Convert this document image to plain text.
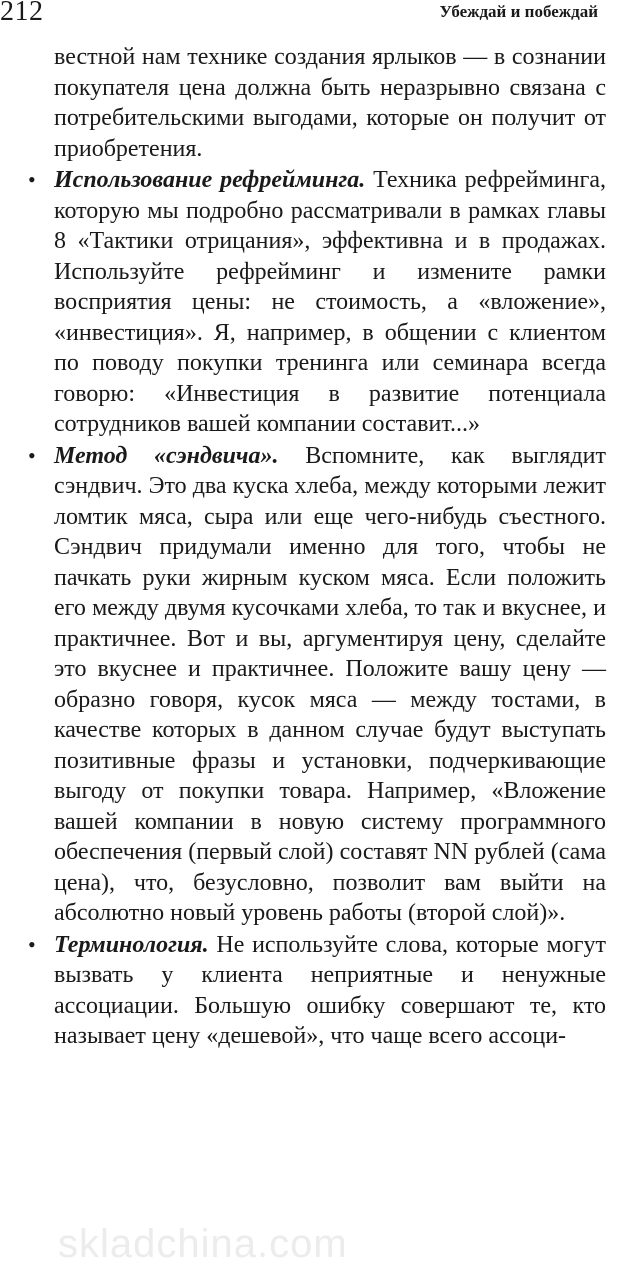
212	Убеждай и побеждай

вестной нам технике создания ярлыков — в сознании покупателя цена должна быть неразрывно связана с потребительскими выгодами, которые он получит от приобретения.

• Использование рефрейминга. Техника рефрейминга, которую мы подробно рассматривали в рамках главы 8 «Тактики отрицания», эффективна и в продажах. Используйте рефрейминг и измените рамки восприятия цены: не стоимость, а «вложение», «инвестиция». Я, например, в общении с клиентом по поводу покупки тренинга или семинара всегда говорю: «Инвестиция в развитие потенциала сотрудников вашей компании составит...»

• Метод «сэндвича». Вспомните, как выглядит сэндвич. Это два куска хлеба, между которыми лежит ломтик мяса, сыра или еще чего-нибудь съестного. Сэндвич придумали именно для того, чтобы не пачкать руки жирным куском мяса. Если положить его между двумя кусочками хлеба, то так и вкуснее, и практичнее. Вот и вы, аргументируя цену, сделайте это вкуснее и практичнее. Положите вашу цену — образно говоря, кусок мяса — между тостами, в качестве которых в данном случае будут выступать позитивные фразы и установки, подчеркивающие выгоду от покупки товара. Например, «Вложение вашей компании в новую систему программного обеспечения (первый слой) составят NN рублей (сама цена), что, безусловно, позволит вам выйти на абсолютно новый уровень работы (второй слой)».

• Терминология. Не используйте слова, которые могут вызвать у клиента неприятные и ненужные ассоциации. Большую ошибку совершают те, кто называет цену «дешевой», что чаще всего ассоци-

skladchina.com
